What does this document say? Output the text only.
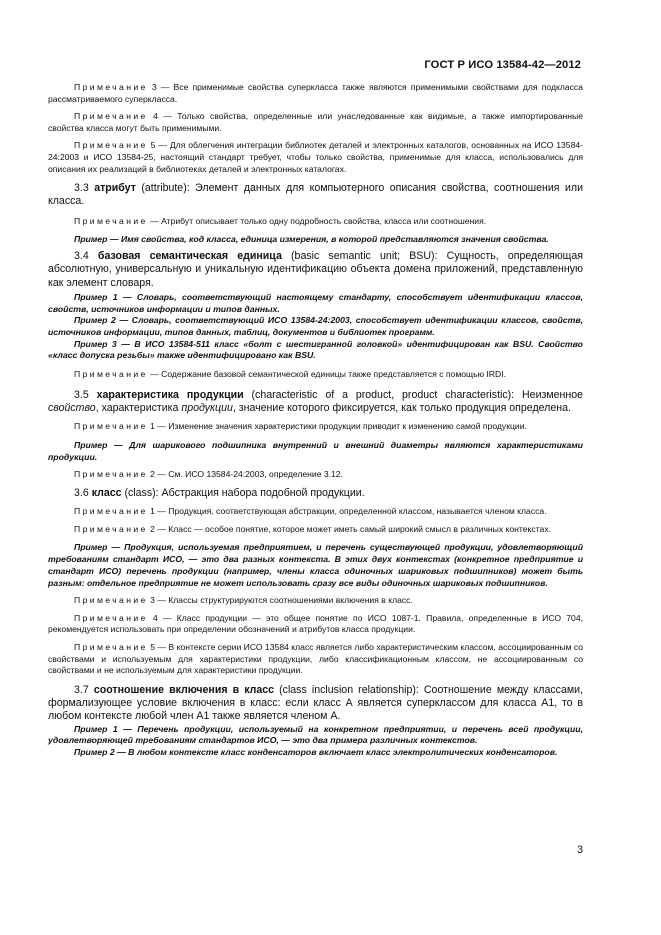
ГОСТ Р ИСО 13584-42—2012

Примечание 3 — Все применимые свойства суперкласса также являются применимыми свойствами для подкласса рассматриваемого суперкласса.

Примечание 4 — Только свойства, определенные или унаследованные как видимые, а также импортированные свойства класса могут быть применимыми.

Примечание 5 — Для облегчения интеграции библиотек деталей и электронных каталогов, основанных на ИСО 13584-24:2003 и ИСО 13584-25, настоящий стандарт требует, чтобы только свойства, применимые для класса, использовались для описания их реализаций в библиотеках деталей и электронных каталогах.

3.3 атрибут (attribute): Элемент данных для компьютерного описания свойства, соотношения или класса.

Примечание — Атрибут описывает только одну подробность свойства, класса или соотношения.

Пример — Имя свойства, код класса, единица измерения, в которой представляются значения свойства.

3.4 базовая семантическая единица (basic semantic unit; BSU): Сущность, определяющая абсолютную, универсальную и уникальную идентификацию объекта домена приложений, представленную как элемент словаря.

Пример 1 — Словарь, соответствующий настоящему стандарту, способствует идентификации классов, свойств, источников информации и типов данных.

Пример 2 — Словарь, соответствующий ИСО 13584-24:2003, способствует идентификации классов, свойств, источников информации, типов данных, таблиц, документов и библиотек программ.

Пример 3 — В ИСО 13584-511 класс «болт с шестигранной головкой» идентифицирован как BSU. Свойство «класс допуска резьбы» также идентифицировано как BSU.

Примечание — Содержание базовой семантической единицы также представляется с помощью IRDI.

3.5 характеристика продукции (characteristic of a product, product characteristic): Неизменное свойство, характеристика продукции, значение которого фиксируется, как только продукция определена.

Примечание 1 — Изменение значения характеристики продукции приводит к изменению самой продукции.

Пример — Для шарикового подшипника внутренний и внешний диаметры являются характеристиками продукции.

Примечание 2 — См. ИСО 13584-24:2003, определение 3.12.

3.6 класс (class): Абстракция набора подобной продукции.

Примечание 1 — Продукция, соответствующая абстракции, определенной классом, называется членом класса.

Примечание 2 — Класс — особое понятие, которое может иметь самый широкий смысл в различных контекстах.

Пример — Продукция, используемая предприятием, и перечень существующей продукции, удовлетворяющий требованиям стандарт ИСО, — это два разных контекста. В этих двух контекстах (конкретное предприятие и стандарт ИСО) перечень продукции (например, члены класса одиночных шариковых подшипников) может быть разным: отдельное предприятие не может использовать сразу все виды одиночных шариковых подшипников.

Примечание 3 — Классы структурируются соотношениями включения в класс.

Примечание 4 — Класс продукции — это общее понятие по ИСО 1087-1. Правила, определенные в ИСО 704, рекомендуется использовать при определении обозначений и атрибутов класса продукции.

Примечание 5 — В контексте серии ИСО 13584 класс является либо характеристическим классом, ассоциированным со свойствами и используемым для характеристики продукции, либо классификационным классом, не ассоциированным со свойствами и не используемым для характеристики продукции.

3.7 соотношение включения в класс (class inclusion relationship): Соотношение между классами, формализующее условие включения в класс: если класс А является суперклассом для класса А1, то в любом контексте любой член А1 также является членом А.

Пример 1 — Перечень продукции, используемый на конкретном предприятии, и перечень всей продукции, удовлетворяющей требованиям стандартов ИСО, — это два примера различных контекстов.

Пример 2 — В любом контексте класс конденсаторов включает класс электролитических конденсаторов.

3
